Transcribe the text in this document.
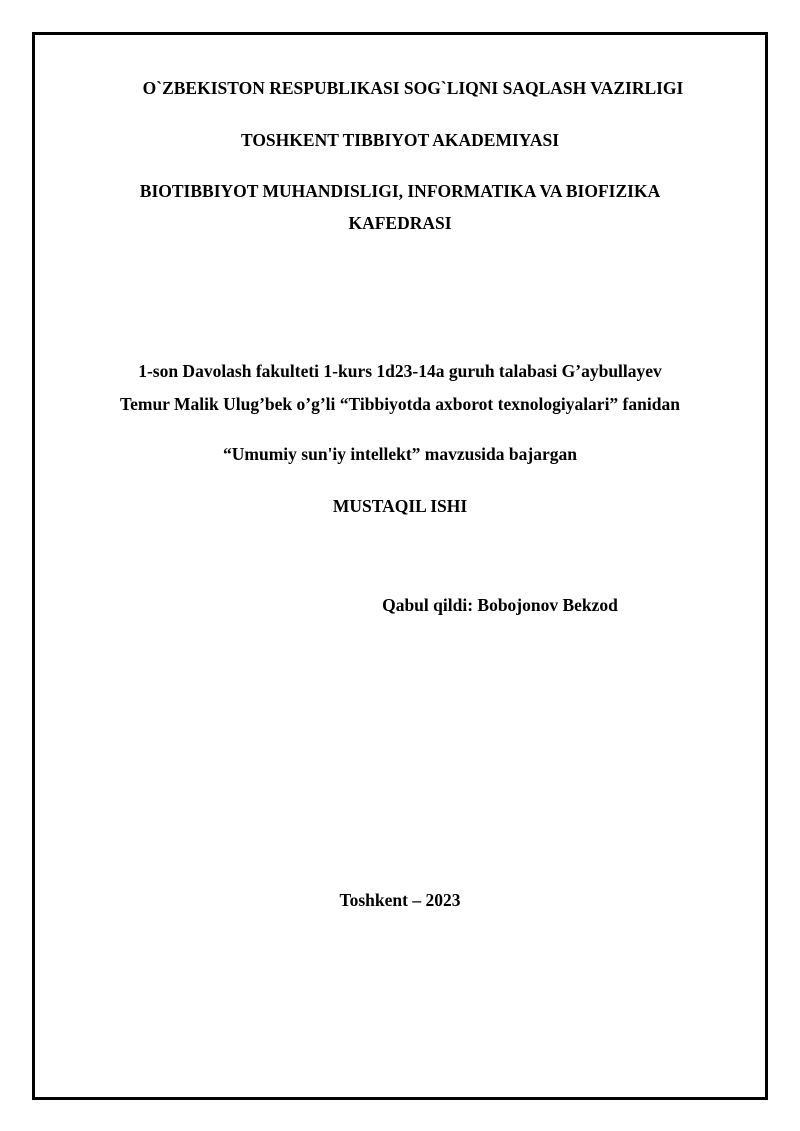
O`ZBEKISTON RESPUBLIKASI SOG`LIQNI SAQLASH VAZIRLIGI
TOSHKENT TIBBIYOT AKADEMIYASI
BIOTIBBIYOT MUHANDISLIGI, INFORMATIKA VA BIOFIZIKA
KAFEDRASI
1-son Davolash fakulteti 1-kurs 1d23-14a guruh talabasi G’aybullayev
Temur Malik Ulug’bek o’g’li “Tibbiyotda axborot texnologiyalari” fanidan
“Umumiy sun'iy intellekt” mavzusida bajargan
MUSTAQIL ISHI
Qabul qildi: Bobojonov Bekzod
Toshkent – 2023
